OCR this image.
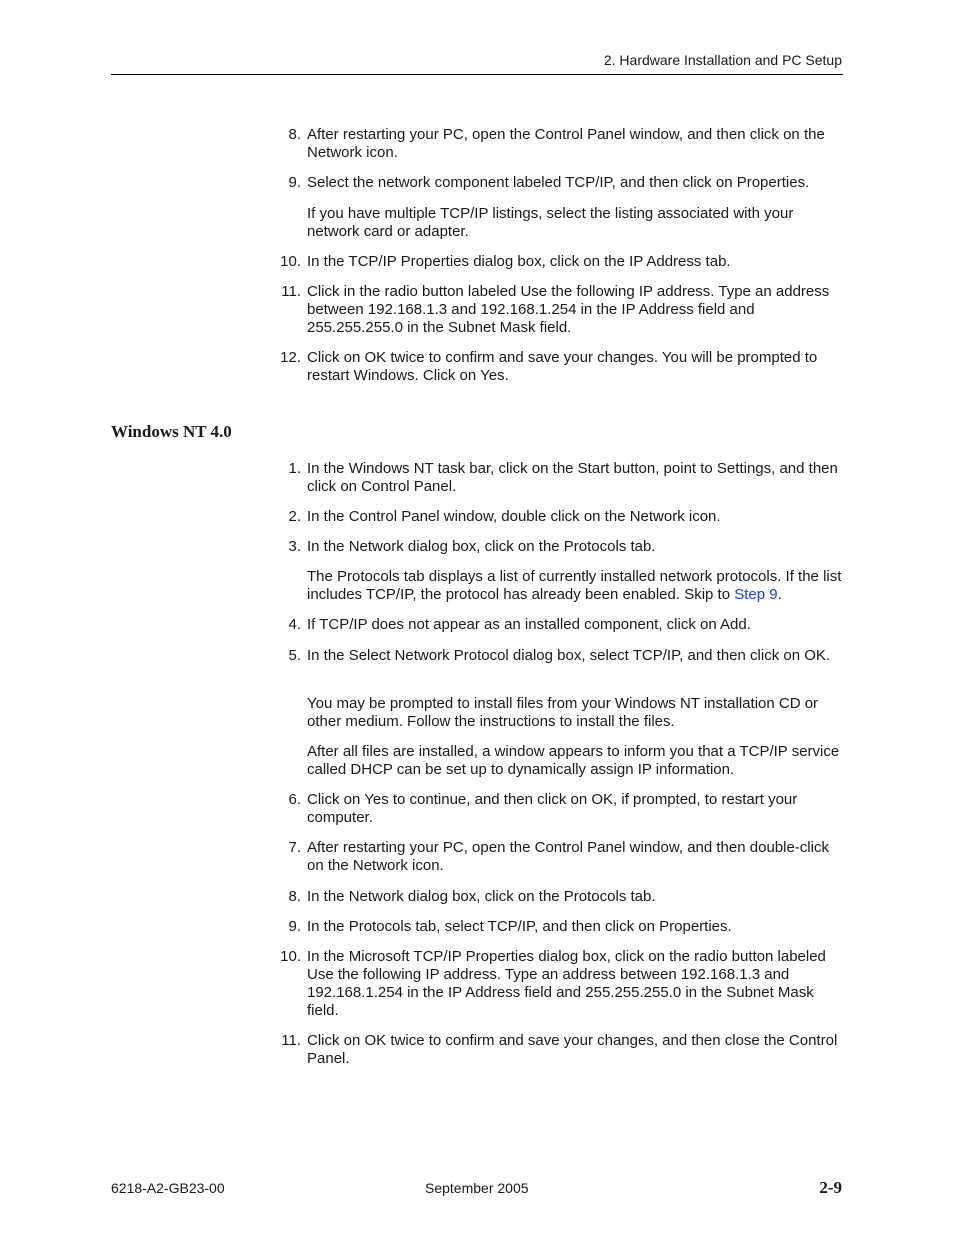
2. Hardware Installation and PC Setup
8. After restarting your PC, open the Control Panel window, and then click on the Network icon.
9. Select the network component labeled TCP/IP, and then click on Properties.
If you have multiple TCP/IP listings, select the listing associated with your network card or adapter.
10. In the TCP/IP Properties dialog box, click on the IP Address tab.
11. Click in the radio button labeled Use the following IP address. Type an address between 192.168.1.3 and 192.168.1.254 in the IP Address field and 255.255.255.0 in the Subnet Mask field.
12. Click on OK twice to confirm and save your changes. You will be prompted to restart Windows. Click on Yes.
Windows NT 4.0
1. In the Windows NT task bar, click on the Start button, point to Settings, and then click on Control Panel.
2. In the Control Panel window, double click on the Network icon.
3. In the Network dialog box, click on the Protocols tab.
The Protocols tab displays a list of currently installed network protocols. If the list includes TCP/IP, the protocol has already been enabled. Skip to Step 9.
4. If TCP/IP does not appear as an installed component, click on Add.
5. In the Select Network Protocol dialog box, select TCP/IP, and then click on OK.
You may be prompted to install files from your Windows NT installation CD or other medium. Follow the instructions to install the files.
After all files are installed, a window appears to inform you that a TCP/IP service called DHCP can be set up to dynamically assign IP information.
6. Click on Yes to continue, and then click on OK, if prompted, to restart your computer.
7. After restarting your PC, open the Control Panel window, and then double-click on the Network icon.
8. In the Network dialog box, click on the Protocols tab.
9. In the Protocols tab, select TCP/IP, and then click on Properties.
10. In the Microsoft TCP/IP Properties dialog box, click on the radio button labeled Use the following IP address. Type an address between 192.168.1.3 and 192.168.1.254 in the IP Address field and 255.255.255.0 in the Subnet Mask field.
11. Click on OK twice to confirm and save your changes, and then close the Control Panel.
6218-A2-GB23-00	September 2005	2-9
